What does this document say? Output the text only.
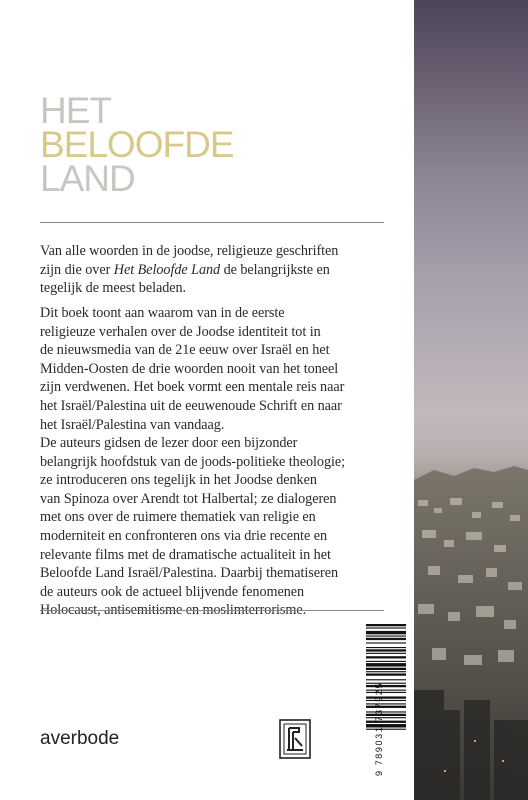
HET
BELOOFDE
LAND
Van alle woorden in de joodse, religieuze geschriften
zijn die over Het Beloofde Land de belangrijkste en
tegelijk de meest beladen.
Dit boek toont aan waarom van in de eerste
religieuze verhalen over de Joodse identiteit tot in
de nieuwsmedia van de 21e eeuw over Israël en het
Midden-Oosten de drie woorden nooit van het toneel
zijn verdwenen. Het boek vormt een mentale reis naar
het Israël/Palestina uit de eeuwenoude Schrift en naar
het Israël/Palestina van vandaag.
De auteurs gidsen de lezer door een bijzonder
belangrijk hoofdstuk van de joods-politieke theologie;
ze introduceren ons tegelijk in het Joodse denken
van Spinoza over Arendt tot Halbertal; ze dialogeren
met ons over de ruimere thematiek van religie en
moderniteit en confronteren ons via drie recente en
relevante films met de dramatische actualiteit in het
Beloofde Land Israël/Palestina. Daarbij thematiseren
de auteurs ook de actueel blijvende fenomenen
Holocaust, antisemitisme en moslimterrorisme.
averbode	9 789031 737925
